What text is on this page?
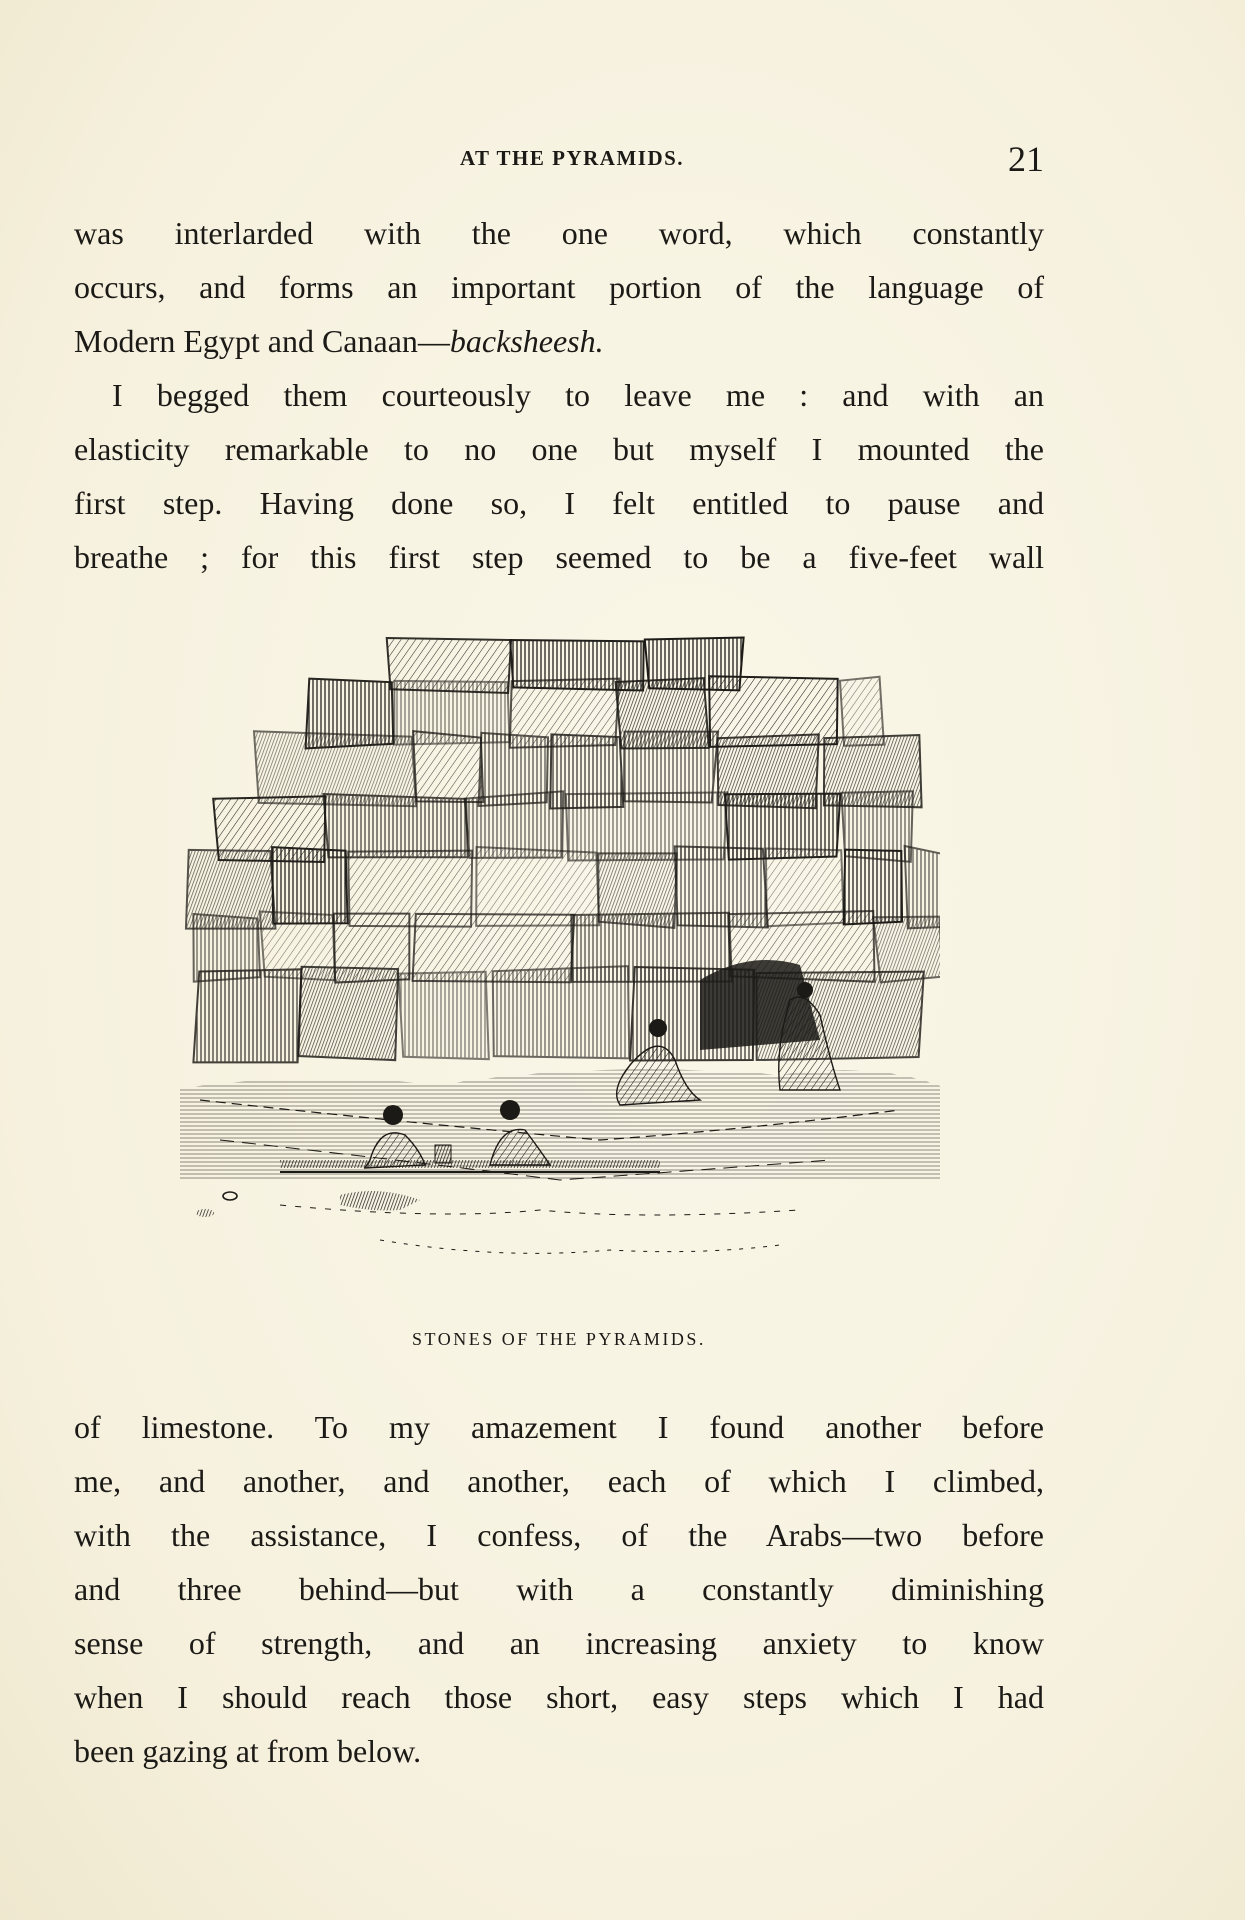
AT THE PYRAMIDS.	21

was interlarded with the one word, which constantly
occurs, and forms an important portion of the language of
Modern Egypt and Canaan—backsheesh.

I begged them courteously to leave me : and with an
elasticity remarkable to no one but myself I mounted the
first step. Having done so, I felt entitled to pause and
breathe ; for this first step seemed to be a five-feet wall

STONES OF THE PYRAMIDS.

of limestone. To my amazement I found another before
me, and another, and another, each of which I climbed,
with the assistance, I confess, of the Arabs—two before
and three behind—but with a constantly diminishing
sense of strength, and an increasing anxiety to know
when I should reach those short, easy steps which I had
been gazing at from below.
